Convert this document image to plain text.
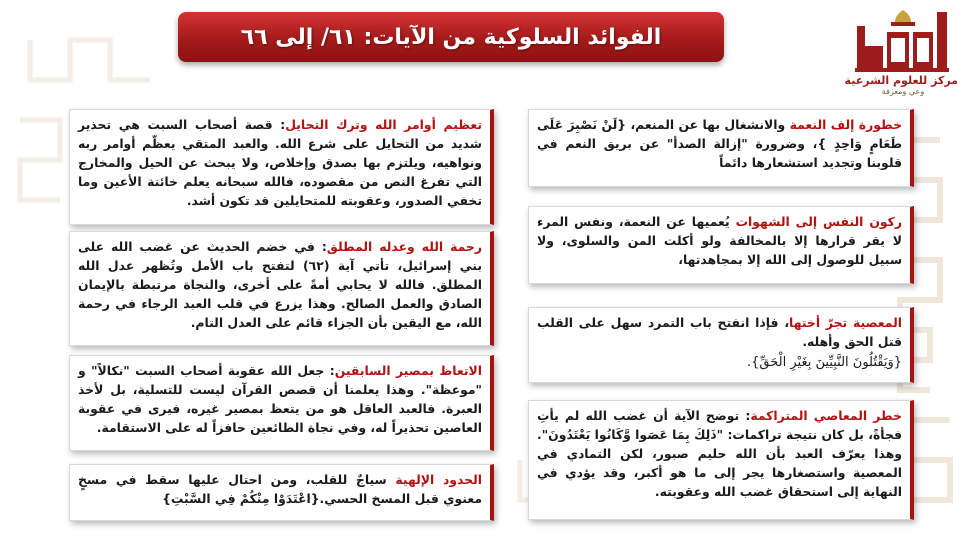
الفوائد السلوكية من الآيات: ٦١/ إلى ٦٦
مركز للعلوم الشرعية
وعي ومعرفة
خطورة إلف النعمة والانشغال بها عن المنعم، {لَنْ نَصْبِرَ عَلَى طَعَامٍ وَاحِدٍ }، وضرورة "إزالة الصدأ" عن بريق النعم في قلوبنا وتجديد استشعارها دائماً
ركون النفس إلى الشهوات يُعميها عن النعمة، ونفس المرء لا يقر قرارها إلا بالمخالفة ولو أكلت المن والسلوى، ولا سبيل للوصول إلى الله إلا بمجاهدتها،
المعصية تجرّ أختها، فإذا انفتح باب التمرد سهل على القلب قتل الحق وأهله.
{وَيَقْتُلُونَ النَّبِيِّينَ بِغَيْرِ الْحَقِّ}.
خطر المعاصي المتراكمة: توضح الآية أن غضب الله لم يأتِ فجأةً، بل كان نتيجة تراكمات: "ذَلِكَ بِمَا عَصَوا وَّكَانُوا يَعْتَدُونَ". وهذا يعرّف العبد بأن الله حليم صبور، لكن التمادي في المعصية واستصغارها يجر إلى ما هو أكبر، وقد يؤدي في النهاية إلى استحقاق غضب الله وعقوبته.
تعظيم أوامر الله وترك التحايل: قصة أصحاب السبت هي تحذير شديد من التحايل على شرع الله. والعبد المتقي يعظّم أوامر ربه ونواهيه، ويلتزم بها بصدق وإخلاص، ولا يبحث عن الحيل والمخارج التي تفرغ النص من مقصوده، فالله سبحانه يعلم خائنة الأعين وما تخفي الصدور، وعقوبته للمتحايلين قد تكون أشد.
رحمة الله وعدله المطلق: في خضم الحديث عن غضب الله على بني إسرائيل، تأتي آية (٦٢) لتفتح باب الأمل وتُظهر عدل الله المطلق. فالله لا يحابي أمةً على أخرى، والنجاة مرتبطة بالإيمان الصادق والعمل الصالح. وهذا يزرع في قلب العبد الرجاء في رحمة الله، مع اليقين بأن الجزاء قائم على العدل التام.
الاتعاظ بمصير السابقين: جعل الله عقوبة أصحاب السبت "نكالاً" و "موعظة". وهذا يعلمنا أن قصص القرآن ليست للتسلية، بل لأخذ العبرة. فالعبد العاقل هو من يتعظ بمصير غيره، فيرى في عقوبة العاصين تحذيراً له، وفي نجاة الطائعين حافزاً له على الاستقامة.
الحدود الإلهية سياجٌ للقلب، ومن احتال عليها سقط في مسخٍ معنوي قبل المسخ الحسي.{اعْتَدَوْا مِنْكُمْ فِي السَّبْتِ}
